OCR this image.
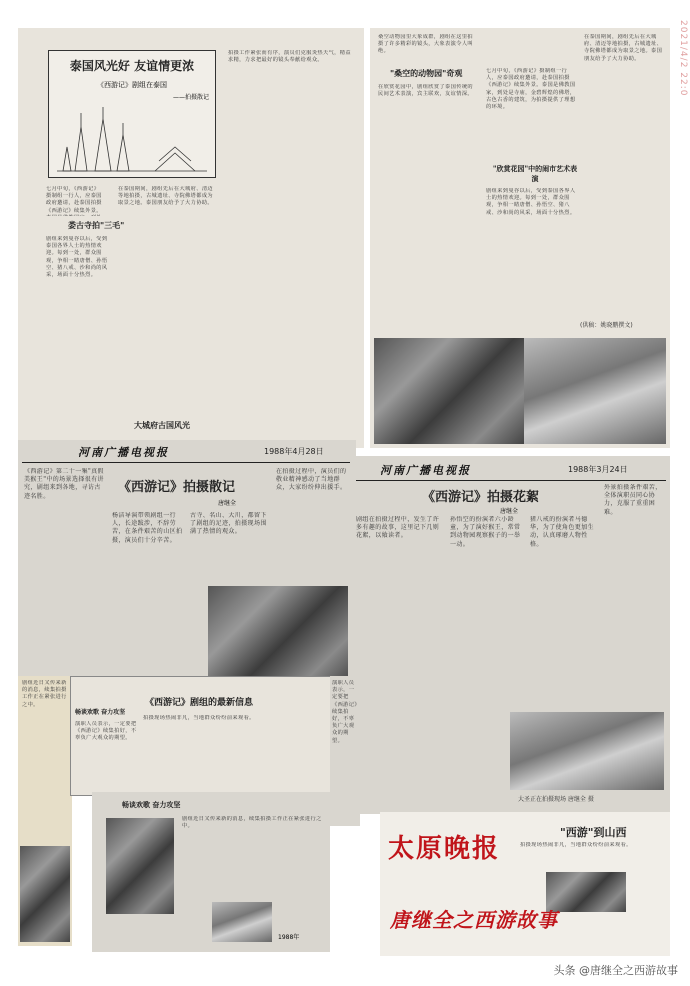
2021/4/2 22:0
泰国风光好 友谊情更浓
《西游记》剧组在泰国
——拍摄散记
娄古寺拍"三毛"
七月中旬，《西游记》摄制组一行人，应泰国政府邀请，赴泰国拍摄《西游记》续集外景。
剧组来到曼谷以后，受到泰国各界人士的热情欢迎。每到一处，群众围观，争相一睹唐僧、孙悟空、猪八戒、沙和尚的风采，场面十分热烈。
在泰国期间，剧组先后在大城府、清迈等地拍摄，古城遗址、寺院佛塔都成为取景之地。泰国朋友给予了大力协助。
大城府古国风光
拍摄工作紧张而有序，演员们克服炎热天气，精益求精，力求把最好的镜头奉献给观众。
桑空动物园里大象成群，剧组在这里拍摄了许多精彩的镜头，大象表演令人叫绝。
"桑空的动物园"奇观
在欣赏花园中，剧组欣赏了泰国传统的民间艺术表演，宾主联欢，友谊情深。
"欣赏花园"中的闹市艺术表演
七月中旬，《西游记》摄制组一行人，应泰国政府邀请，赴泰国拍摄《西游记》续集外景。泰国是佛教国家，到处是寺庙，金碧辉煌的佛塔，古色古香的建筑，为拍摄提供了理想的环境。
剧组来到曼谷以后，受到泰国各界人士的热情欢迎。每到一处，群众围观，争相一睹唐僧、孙悟空、猪八戒、沙和尚的风采，场面十分热烈。
在泰国期间，剧组先后在大城府、清迈等地拍摄，古城遗址、寺院佛塔都成为取景之地。泰国朋友给予了大力协助。
(供稿：姚晓鹏撰文)
河南广播电视报	1988年4月28日
《西游记》拍摄散记
唐继全
《西游记》第二十一集"真假美猴王"中的场景选择很有讲究，剧组来到各地，寻访古迹名胜。
杨洁导演带领剧组一行人，长途跋涉，不辞劳苦，在条件艰苦的山区拍摄，演员们十分辛苦。
古寺、名山、大川，都留下了剧组的足迹，拍摄现场围满了热情的观众。
在拍摄过程中，演员们的敬业精神感动了当地群众，大家纷纷伸出援手。
河南广播电视报	1988年3月24日
《西游记》拍摄花絮
唐继全
剧组在拍摄过程中，发生了许多有趣的故事，这里记下几则花絮，以飨读者。
孙悟空的扮演者六小龄童，为了演好猴王，常常到动物园观察猴子的一举一动。
猪八戒的扮演者马德华，为了使角色更加生动，认真琢磨人物性格。
外景拍摄条件艰苦，全体演职员同心协力，克服了重重困难。
大圣正在拍摄现场 唐继全 摄
剧组近日又传来新的消息，续集拍摄工作正在紧张进行之中。	《西游记》剧组的最新信息
畅谈欢歌 奋力攻坚
演职人员表示，一定要把《西游记》续集拍好，不辜负广大观众的期望。
拍摄现场热闹非凡，当地群众纷纷前来观看。
畅谈欢歌 奋力攻坚
剧组近日又传来新的消息，续集拍摄工作正在紧张进行之中。
1988年
演职人员表示，一定要把《西游记》续集拍好，不辜负广大观众的期望。
太原晚报
"西游"到山西
拍摄现场热闹非凡，当地群众纷纷前来观看。
唐继全之西游故事
头条 @唐继全之西游故事
